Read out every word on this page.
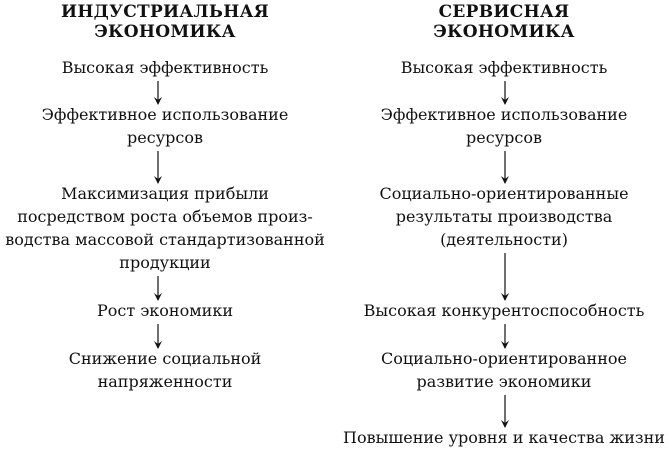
ИНДУСТРИАЛЬНАЯ
ЭКОНОМИКА
Высокая эффективность
Эффективное использование
ресурсов
Максимизация прибыли
посредством роста объемов произ-
водства массовой стандартизованной
продукции
Рост экономики
Снижение социальной
напряженности
СЕРВИСНАЯ
ЭКОНОМИКА
Высокая эффективность
Эффективное использование
ресурсов
Социально-ориентированные
результаты производства
(деятельности)
Высокая конкурентоспособность
Социально-ориентированное
развитие экономики
Повышение уровня и качества жизни
